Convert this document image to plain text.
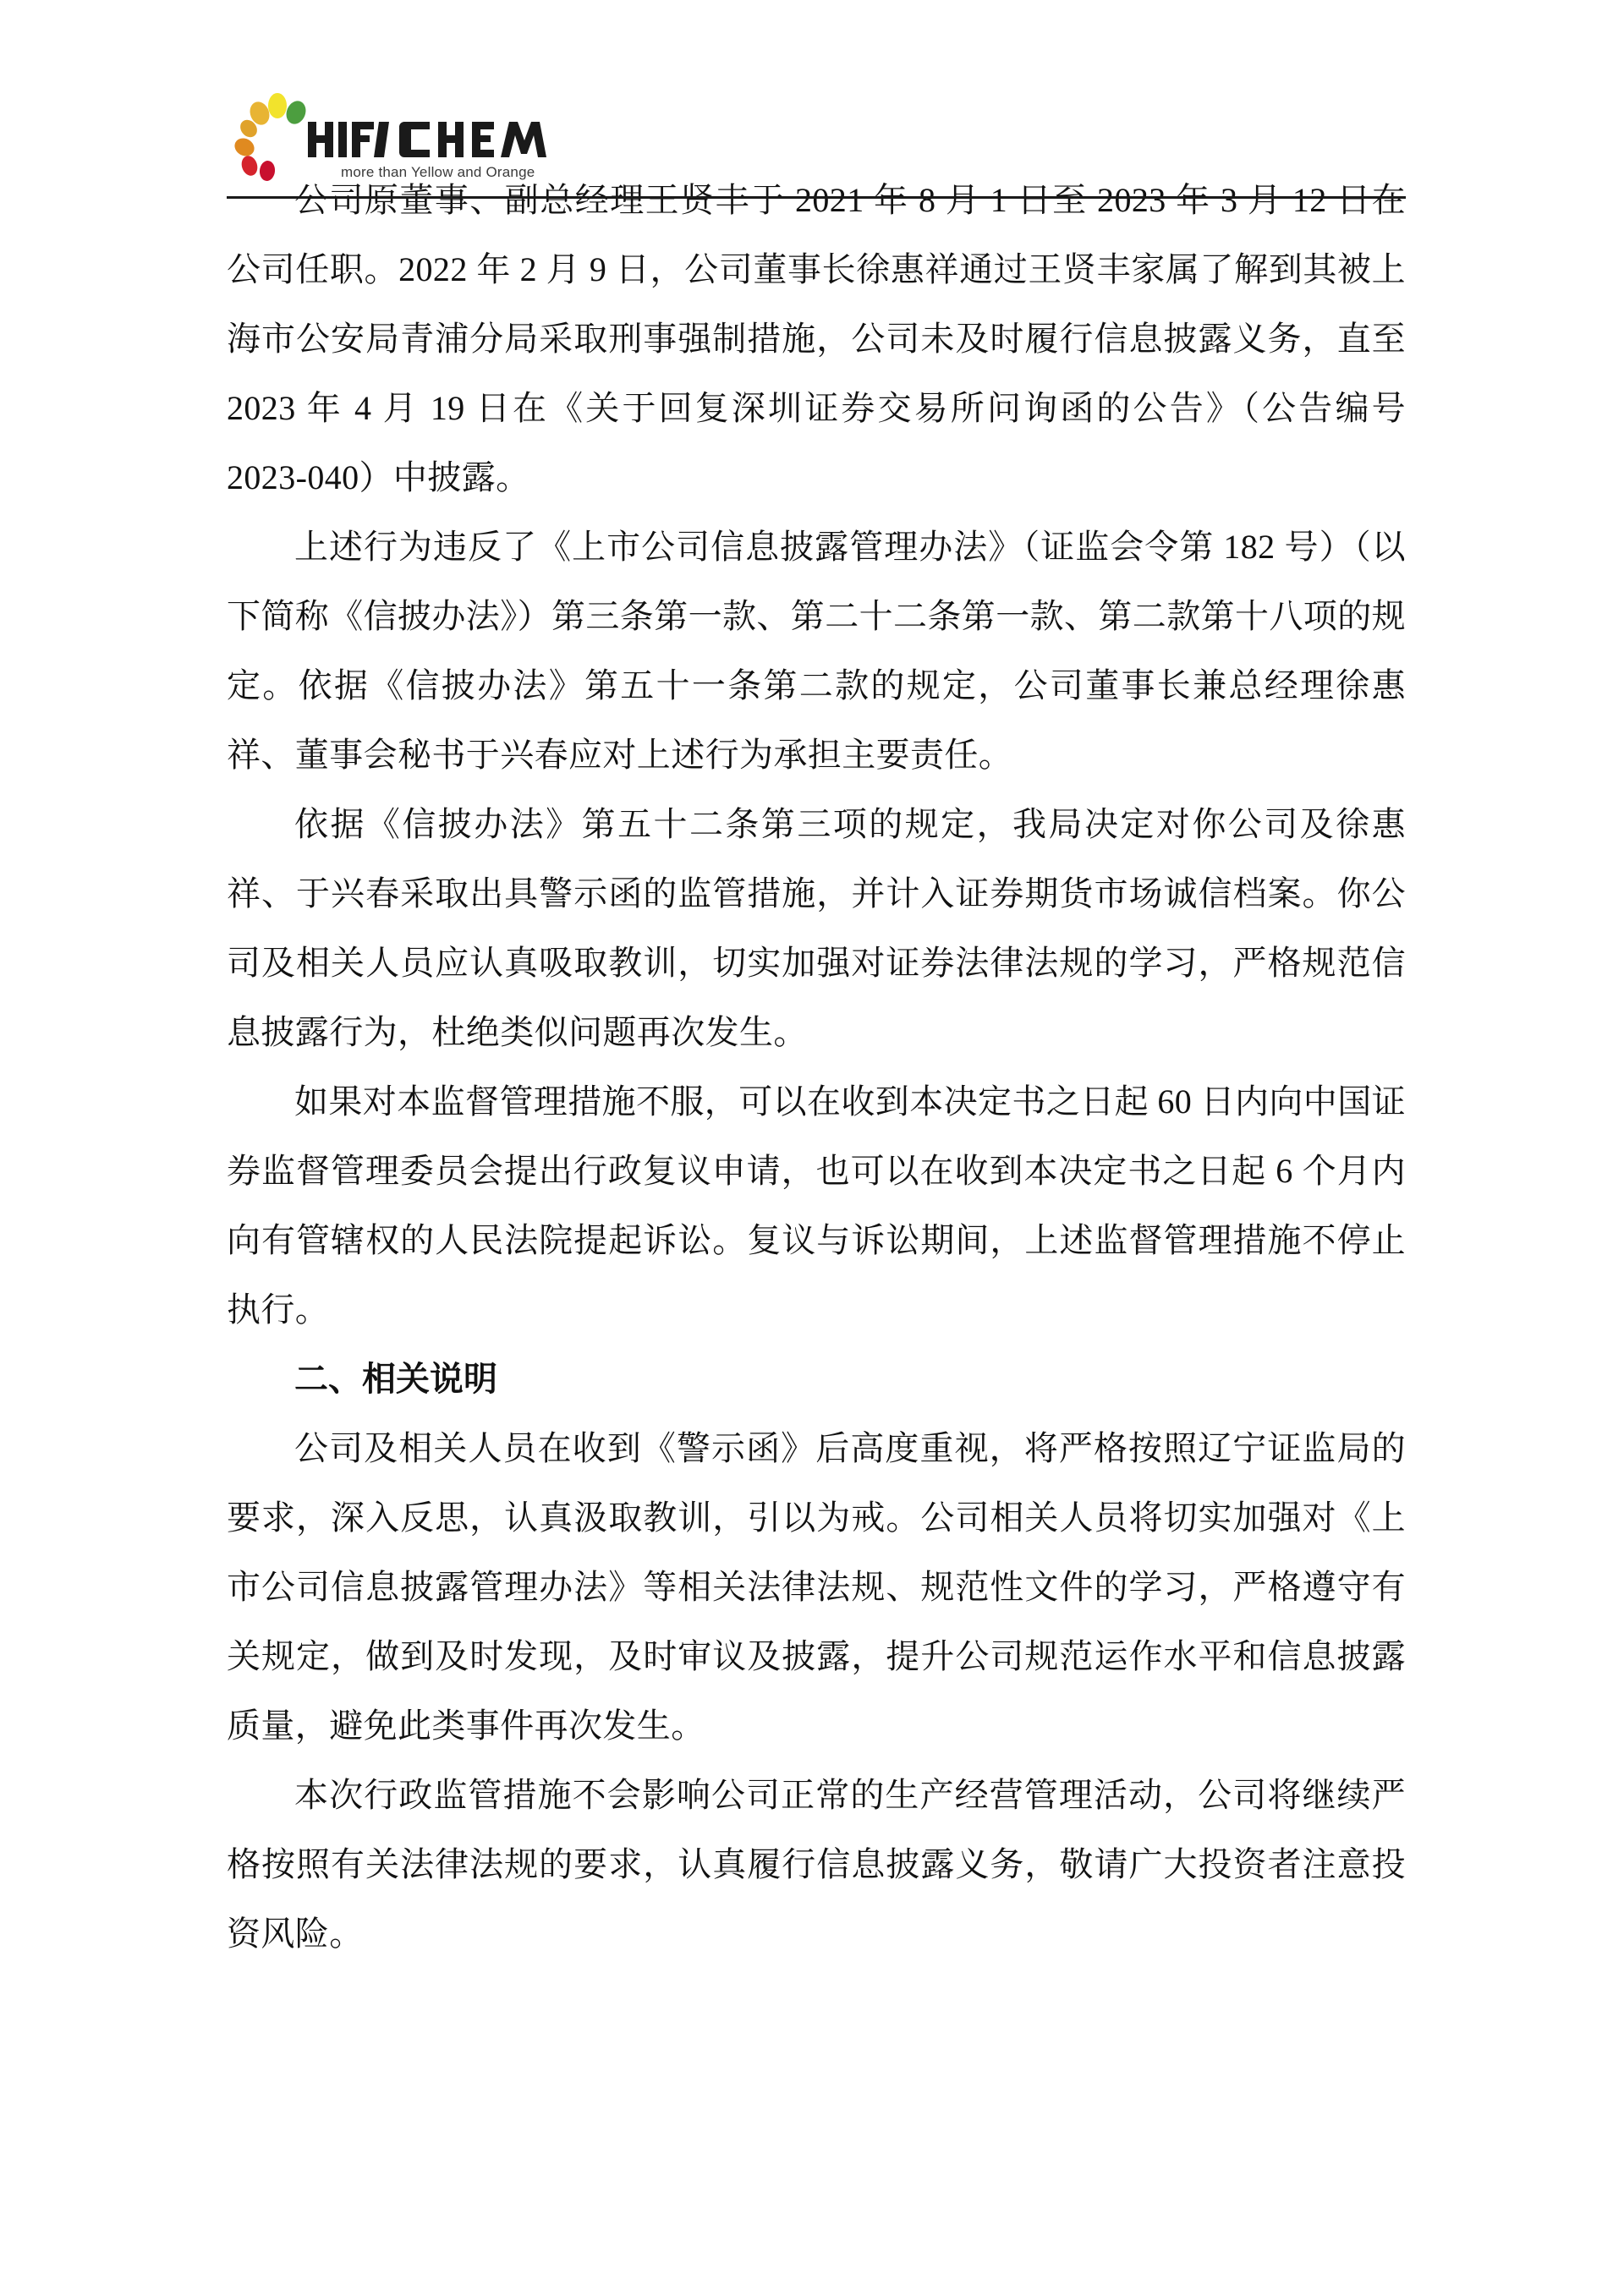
more than Yellow and Orange

公司原董事、副总经理王贤丰于 2021 年 8 月 1 日至 2023 年 3 月 12 日在公司任职。2022 年 2 月 9 日，公司董事长徐惠祥通过王贤丰家属了解到其被上海市公安局青浦分局采取刑事强制措施，公司未及时履行信息披露义务，直至 2023 年 4 月 19 日在《关于回复深圳证券交易所问询函的公告》（公告编号 2023-040）中披露。

上述行为违反了《上市公司信息披露管理办法》（证监会令第 182 号）（以下简称《信披办法》）第三条第一款、第二十二条第一款、第二款第十八项的规定。依据《信披办法》第五十一条第二款的规定，公司董事长兼总经理徐惠祥、董事会秘书于兴春应对上述行为承担主要责任。

依据《信披办法》第五十二条第三项的规定，我局决定对你公司及徐惠祥、于兴春采取出具警示函的监管措施，并计入证券期货市场诚信档案。你公司及相关人员应认真吸取教训，切实加强对证券法律法规的学习，严格规范信息披露行为，杜绝类似问题再次发生。

如果对本监督管理措施不服，可以在收到本决定书之日起 60 日内向中国证券监督管理委员会提出行政复议申请，也可以在收到本决定书之日起 6 个月内向有管辖权的人民法院提起诉讼。复议与诉讼期间，上述监督管理措施不停止执行。

二、相关说明

公司及相关人员在收到《警示函》后高度重视，将严格按照辽宁证监局的要求，深入反思，认真汲取教训，引以为戒。公司相关人员将切实加强对《上市公司信息披露管理办法》等相关法律法规、规范性文件的学习，严格遵守有关规定，做到及时发现，及时审议及披露，提升公司规范运作水平和信息披露质量，避免此类事件再次发生。

本次行政监管措施不会影响公司正常的生产经营管理活动，公司将继续严格按照有关法律法规的要求，认真履行信息披露义务，敬请广大投资者注意投资风险。
